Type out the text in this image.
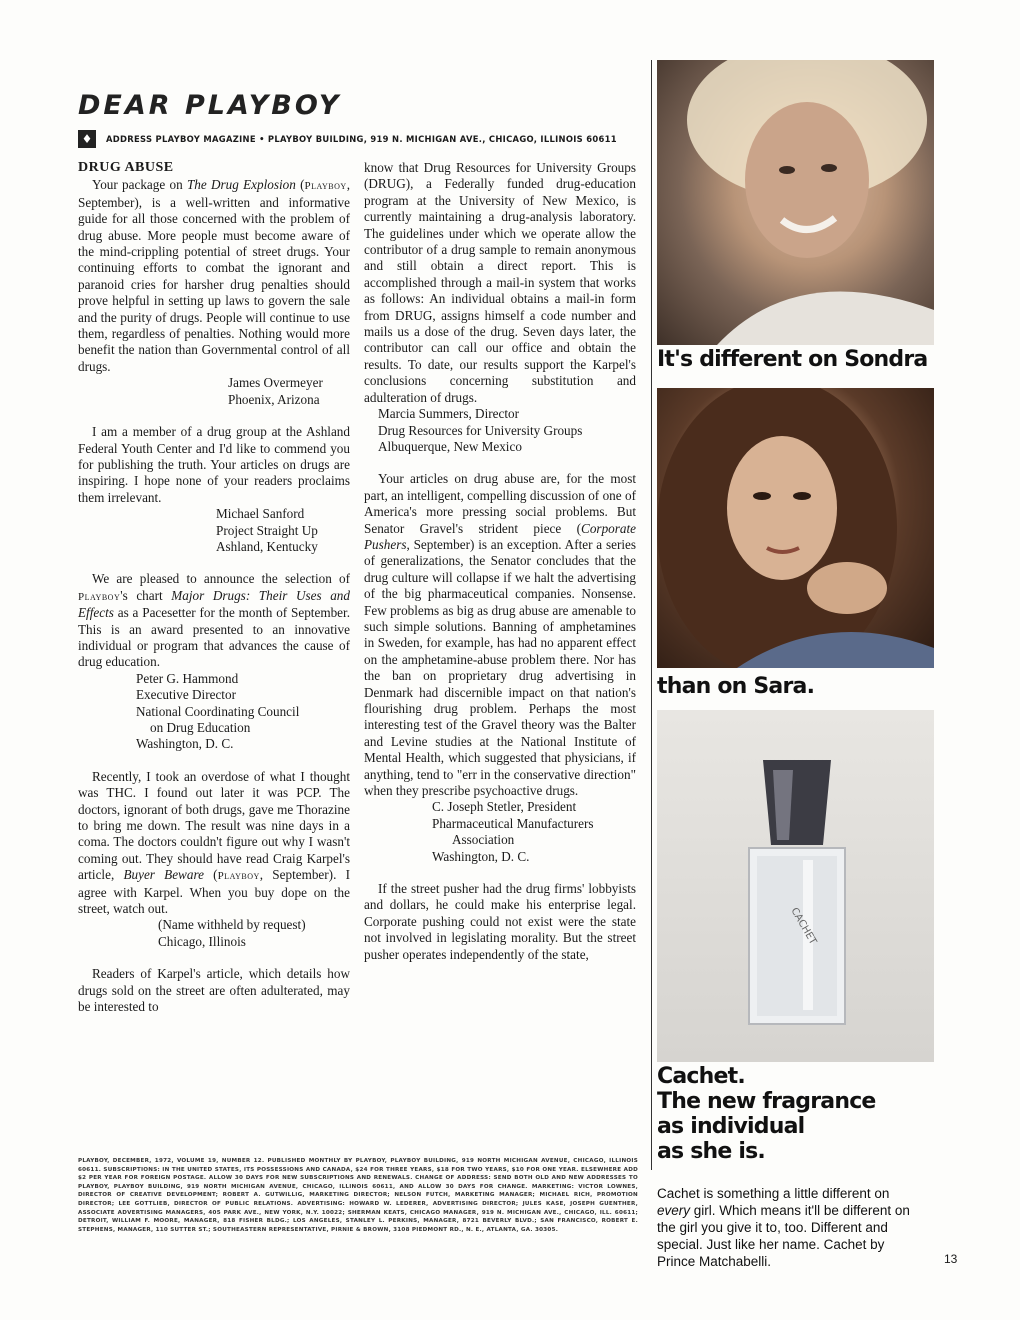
DEAR PLAYBOY
♦ ADDRESS PLAYBOY MAGAZINE • PLAYBOY BUILDING, 919 N. MICHIGAN AVE., CHICAGO, ILLINOIS 60611

DRUG ABUSE

Your package on The Drug Explosion (Playboy, September), is a well-written and informative guide for all those concerned with the problem of drug abuse. More people must become aware of the mind-crippling potential of street drugs. Your continuing efforts to combat the ignorant and paranoid cries for harsher drug penalties should prove helpful in setting up laws to govern the sale and the purity of drugs. People will continue to use them, regardless of penalties. Nothing would more benefit the nation than Governmental control of all drugs.

James Overmeyer

Phoenix, Arizona

I am a member of a drug group at the Ashland Federal Youth Center and I'd like to commend you for publishing the truth. Your articles on drugs are inspiring. I hope none of your readers proclaims them irrelevant.

Michael Sanford

Project Straight Up

Ashland, Kentucky

We are pleased to announce the selection of Playboy's chart Major Drugs: Their Uses and Effects as a Pacesetter for the month of September. This is an award presented to an innovative individual or program that advances the cause of drug education.

Peter G. Hammond

Executive Director

National Coordinating Council

on Drug Education

Washington, D. C.

Recently, I took an overdose of what I thought was THC. I found out later it was PCP. The doctors, ignorant of both drugs, gave me Thorazine to bring me down. The result was nine days in a coma. The doctors couldn't figure out why I wasn't coming out. They should have read Craig Karpel's article, Buyer Beware (Playboy, September). I agree with Karpel. When you buy dope on the street, watch out.

(Name withheld by request)

Chicago, Illinois

Readers of Karpel's article, which details how drugs sold on the street are often adulterated, may be interested to

know that Drug Resources for University Groups (DRUG), a Federally funded drug-education program at the University of New Mexico, is currently maintaining a drug-analysis laboratory. The guidelines under which we operate allow the contributor of a drug sample to remain anonymous and still obtain a direct report. This is accomplished through a mail-in system that works as follows: An individual obtains a mail-in form from DRUG, assigns himself a code number and mails us a dose of the drug. Seven days later, the contributor can call our office and obtain the results. To date, our results support the Karpel's conclusions concerning substitution and adulteration of drugs.

Marcia Summers, Director

Drug Resources for University Groups

Albuquerque, New Mexico

Your articles on drug abuse are, for the most part, an intelligent, compelling discussion of one of America's more pressing social problems. But Senator Gravel's strident piece (Corporate Pushers, September) is an exception. After a series of generalizations, the Senator concludes that the drug culture will collapse if we halt the advertising of the big pharmaceutical companies. Nonsense. Few problems as big as drug abuse are amenable to such simple solutions. Banning of amphetamines in Sweden, for example, has had no apparent effect on the amphetamine-abuse problem there. Nor has the ban on proprietary drug advertising in Denmark had discernible impact on that nation's flourishing drug problem. Perhaps the most interesting test of the Gravel theory was the Balter and Levine studies at the National Institute of Mental Health, which suggested that physicians, if anything, tend to "err in the conservative direction" when they prescribe psychoactive drugs.

C. Joseph Stetler, President

Pharmaceutical Manufacturers

Association

Washington, D. C.

If the street pusher had the drug firms' lobbyists and dollars, he could make his enterprise legal. Corporate pushing could not exist were the state not involved in legislating morality. But the street pusher operates independently of the state,

PLAYBOY, DECEMBER, 1972, VOLUME 19, NUMBER 12. PUBLISHED MONTHLY BY PLAYBOY, PLAYBOY BUILDING, 919 NORTH MICHIGAN AVENUE, CHICAGO, ILLINOIS 60611. SUBSCRIPTIONS: IN THE UNITED STATES, ITS POSSESSIONS AND CANADA, $24 FOR THREE YEARS, $18 FOR TWO YEARS, $10 FOR ONE YEAR. ELSEWHERE ADD $2 PER YEAR FOR FOREIGN POSTAGE. ALLOW 30 DAYS FOR NEW SUBSCRIPTIONS AND RENEWALS. CHANGE OF ADDRESS: SEND BOTH OLD AND NEW ADDRESSES TO PLAYBOY, PLAYBOY BUILDING, 919 NORTH MICHIGAN AVENUE, CHICAGO, ILLINOIS 60611, AND ALLOW 30 DAYS FOR CHANGE. MARKETING: VICTOR LOWNES, DIRECTOR OF CREATIVE DEVELOPMENT; ROBERT A. GUTWILLIG, MARKETING DIRECTOR; NELSON FUTCH, MARKETING MANAGER; MICHAEL RICH, PROMOTION DIRECTOR; LEE GOTTLIEB, DIRECTOR OF PUBLIC RELATIONS. ADVERTISING: HOWARD W. LEDERER, ADVERTISING DIRECTOR; JULES KASE, JOSEPH GUENTHER, ASSOCIATE ADVERTISING MANAGERS, 405 PARK AVE., NEW YORK, N.Y. 10022; SHERMAN KEATS, CHICAGO MANAGER, 919 N. MICHIGAN AVE., CHICAGO, ILL. 60611; DETROIT, WILLIAM F. MOORE, MANAGER, 818 FISHER BLDG.; LOS ANGELES, STANLEY L. PERKINS, MANAGER, 8721 BEVERLY BLVD.; SAN FRANCISCO, ROBERT E. STEPHENS, MANAGER, 110 SUTTER ST.; SOUTHEASTERN REPRESENTATIVE, PIRNIE & BROWN, 3108 PIEDMONT RD., N. E., ATLANTA, GA. 30305.
It's different on Sondra
than on Sara.
CACHET
Cachet.
The new fragrance
as individual
as she is.
Cachet is something a little different on every girl. Which means it'll be different on the girl you give it to, too. Different and special. Just like her name. Cachet by Prince Matchabelli.	13
